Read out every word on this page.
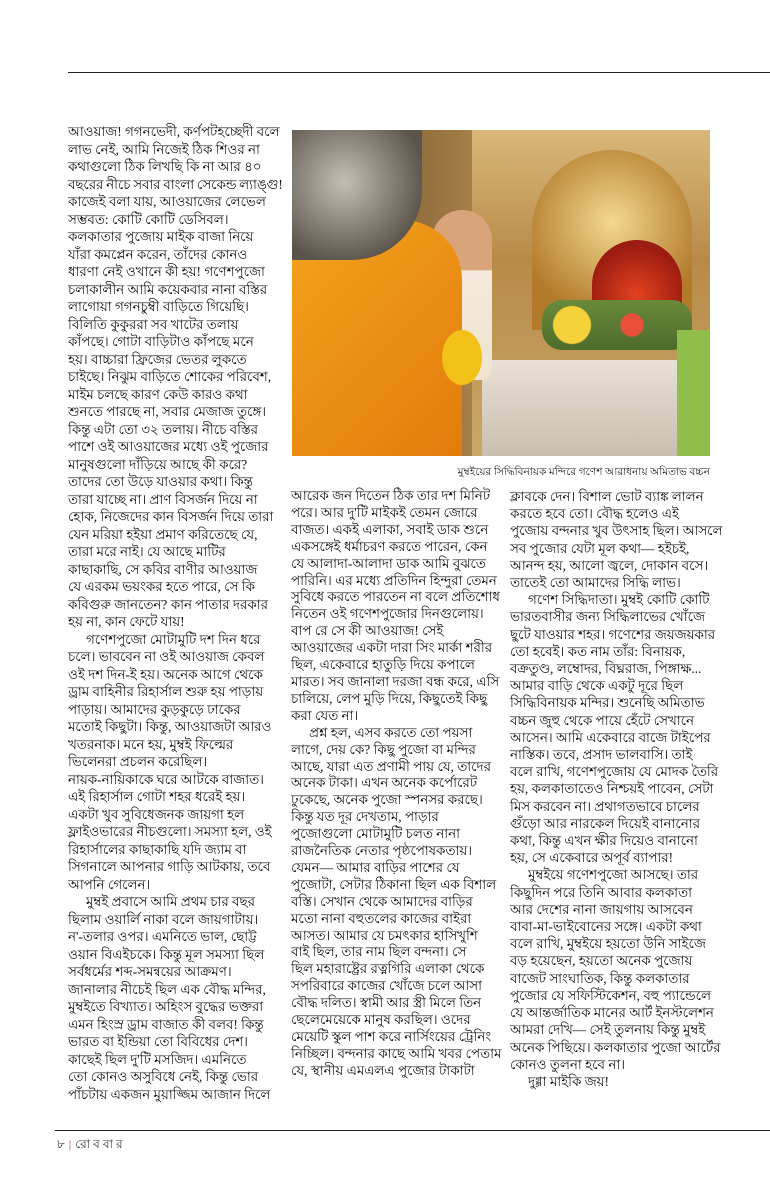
মুম্বইয়ের সিদ্ধিবিনায়ক মন্দিরে গণেশ আরাধনায় অমিতাভ বচ্চন
আওয়াজ! গগনভেদী, কর্ণপটহচ্ছেদী বলে
লাভ নেই, আমি নিজেই ঠিক শিওর না
কথাগুলো ঠিক লিখছি কি না আর ৪০
বছরের নীচে সবার বাংলা সেকেন্ড ল্যাঙ্গু!
কাজেই বলা যায়, আওয়াজের লেভেল
সম্ভবত: কোটি কোটি ডেসিবল।
কলকাতার পুজোয় মাইক বাজা নিয়ে
যাঁরা কমপ্লেন করেন, তাঁদের কোনও
ধারণা নেই ওখানে কী হয়! গণেশপুজো
চলাকালীন আমি কয়েকবার নানা বস্তির
লাগোয়া গগনচুম্বী বাড়িতে গিয়েছি।
বিলিতি কুকুররা সব খাটের তলায়
কাঁপছে। গোটা বাড়িটাও কাঁপছে মনে
হয়। বাচ্চারা ফ্রিজের ভেতর লুকতে
চাইছে। নিঝুম বাড়িতে শোকের পরিবেশ,
মাইম চলছে কারণ কেউ কারও কথা
শুনতে পারছে না, সবার মেজাজ তুঙ্গে।
কিন্তু এটা তো ৩২ তলায়। নীচে বস্তির
পাশে ওই আওয়াজের মধ্যে ওই পুজোর
মানুষগুলো দাঁড়িয়ে আছে কী করে?
তাদের তো উড়ে যাওয়ার কথা। কিন্তু
তারা যাচ্ছে না। প্রাণ বিসর্জন দিয়ে না
হোক, নিজেদের কান বিসর্জন দিয়ে তারা
যেন মরিয়া হইয়া প্রমাণ করিতেছে যে,
তারা মরে নাই। যে আছে মাটির
কাছাকাছি, সে কবির বাণীর আওয়াজ
যে এরকম ভয়ংকর হতে পারে, সে কি
কবিগুরু জানতেন? কান পাতার দরকার
হয় না, কান ফেটে যায়!
গণেশপুজো মোটামুটি দশ দিন ধরে
চলে। ভাববেন না ওই আওয়াজ কেবল
ওই দশ দিন-ই হয়। অনেক আগে থেকে
ড্রাম বাহিনীর রিহার্সাল শুরু হয় পাড়ায়
পাড়ায়। আমাদের কুড়কুড়ে ঢাকের
মতোই কিছুটা। কিন্তু, আওয়াজটা আরও
খতরনাক। মনে হয়, মুম্বই ফিল্মের
ভিলেনরা প্রচলন করেছিল।
নায়ক-নায়িকাকে ঘরে আটকে বাজাত।
এই রিহার্সাল গোটা শহর ধরেই হয়।
একটা খুব সুবিধেজনক জায়গা হল
ফ্লাইওভারের নীচগুলো। সমস্যা হল, ওই
রিহার্সালের কাছাকাছি যদি জ্যাম বা
সিগনালে আপনার গাড়ি আটকায়, তবে
আপনি গেলেন।
মুম্বই প্রবাসে আমি প্রথম চার বছর
ছিলাম ওয়ার্লি নাকা বলে জায়গাটায়।
ন'-তলার ওপর। এমনিতে ভাল, ছোট্ট
ওয়ান বিএইচকে। কিন্তু মূল সমস্যা ছিল
সর্বধর্মের শব্দ-সমন্বয়ের আক্রমণ।
জানালার নীচেই ছিল এক বৌদ্ধ মন্দির,
মুম্বইতে বিখ্যাত। অহিংস বুদ্ধের ভক্তরা
এমন হিংস্র ড্রাম বাজাত কী বলব! কিন্তু
ভারত বা ইন্ডিয়া তো বিবিধের দেশ।
কাছেই ছিল দু'টি মসজিদ। এমনিতে
তো কোনও অসুবিধে নেই, কিন্তু ভোর
পাঁচটায় একজন মুয়াজ্জিম আজান দিলে
আরেক জন দিতেন ঠিক তার দশ মিনিট
পরে। আর দু'টি মাইকই তেমন জোরে
বাজত। একই এলাকা, সবাই ডাক শুনে
একসঙ্গেই ধর্মাচরণ করতে পারেন, কেন
যে আলাদা-আলাদা ডাক আমি বুঝতে
পারিনি। এর মধ্যে প্রতিদিন হিন্দুরা তেমন
সুবিধে করতে পারতেন না বলে প্রতিশোধ
নিতেন ওই গণেশপুজোর দিনগুলোয়।
বাপ রে সে কী আওয়াজ! সেই
আওয়াজের একটা দারা সিং মার্কা শরীর
ছিল, একেবারে হাতুড়ি দিয়ে কপালে
মারত। সব জানালা দরজা বন্ধ করে, এসি
চালিয়ে, লেপ মুড়ি দিয়ে, কিছুতেই কিছু
করা যেত না।
প্রশ্ন হল, এসব করতে তো পয়সা
লাগে, দেয় কে? কিছু পুজো বা মন্দির
আছে, যারা এত প্রণামী পায় যে, তাদের
অনেক টাকা। এখন অনেক কর্পোরেট
ঢুকেছে, অনেক পুজো স্পনসর করছে।
কিন্তু যত দূর দেখতাম, পাড়ার
পুজোগুলো মোটামুটি চলত নানা
রাজনৈতিক নেতার পৃষ্ঠপোষকতায়।
যেমন— আমার বাড়ির পাশের যে
পুজোটা, সেটার ঠিকানা ছিল এক বিশাল
বস্তি। সেখান থেকে আমাদের বাড়ির
মতো নানা বহুতলের কাজের বাইরা
আসত। আমার যে চমৎকার হাসিখুশি
বাই ছিল, তার নাম ছিল বন্দনা। সে
ছিল মহারাষ্ট্রের রত্নগিরি এলাকা থেকে
সপরিবারে কাজের খোঁজে চলে আসা
বৌদ্ধ দলিত। স্বামী আর স্ত্রী মিলে তিন
ছেলেমেয়েকে মানুষ করছিল। ওদের
মেয়েটি স্কুল পাশ করে নার্সিংয়ের ট্রেনিং
নিচ্ছিল। বন্দনার কাছে আমি খবর পেতাম
যে, স্থানীয় এমএলএ পুজোর টাকাটা
ক্লাবকে দেন। বিশাল ভোট ব্যাঙ্ক লালন
করতে হবে তো। বৌদ্ধ হলেও এই
পুজোয় বন্দনার খুব উৎসাহ ছিল। আসলে
সব পুজোর যেটা মূল কথা— হইচই,
আনন্দ হয়, আলো জ্বলে, দোকান বসে।
তাতেই তো আমাদের সিদ্ধি লাভ।
গণেশ সিদ্ধিদাতা। মুম্বই কোটি কোটি
ভারতবাসীর জন্য সিদ্ধিলাভের খোঁজে
ছুটে যাওয়ার শহর। গণেশের জয়জয়কার
তো হবেই। কত নাম তাঁর: বিনায়ক,
বক্রতুণ্ড, লম্বোদর, বিঘ্নরাজ, পিঙ্গাক্ষ...
আমার বাড়ি থেকে একটু দূরে ছিল
সিদ্ধিবিনায়ক মন্দির। শুনেছি অমিতাভ
বচ্চন জুহু থেকে পায়ে হেঁটে সেখানে
আসেন। আমি একেবারে বাজে টাইপের
নাস্তিক। তবে, প্রসাদ ভালবাসি। তাই
বলে রাখি, গণেশপুজোয় যে মোদক তৈরি
হয়, কলকাতাতেও নিশ্চয়ই পাবেন, সেটা
মিস করবেন না। প্রথাগতভাবে চালের
গুঁড়ো আর নারকেল দিয়েই বানানোর
কথা, কিন্তু এখন ক্ষীর দিয়েও বানানো
হয়, সে একেবারে অপূর্ব ব্যাপার!
মুম্বইয়ে গণেশপুজো আসছে। তার
কিছুদিন পরে তিনি আবার কলকাতা
আর দেশের নানা জায়গায় আসবেন
বাবা-মা-ভাইবোনের সঙ্গে। একটা কথা
বলে রাখি, মুম্বইয়ে হয়তো উনি সাইজে
বড় হয়েছেন, হয়তো অনেক পুজোয়
বাজেট সাংঘাতিক, কিন্তু কলকাতার
পুজোর যে সফিস্টিকেশন, বহু প্যান্ডেলে
যে আন্তর্জাতিক মানের আর্ট ইনস্টলেশন
আমরা দেখি— সেই তুলনায় কিন্তু মুম্বই
অনেক পিছিয়ে। কলকাতার পুজো আর্টের
কোনও তুলনা হবে না।
দুগ্গা মাইকি জয়!
৮ | রো ব বা র
